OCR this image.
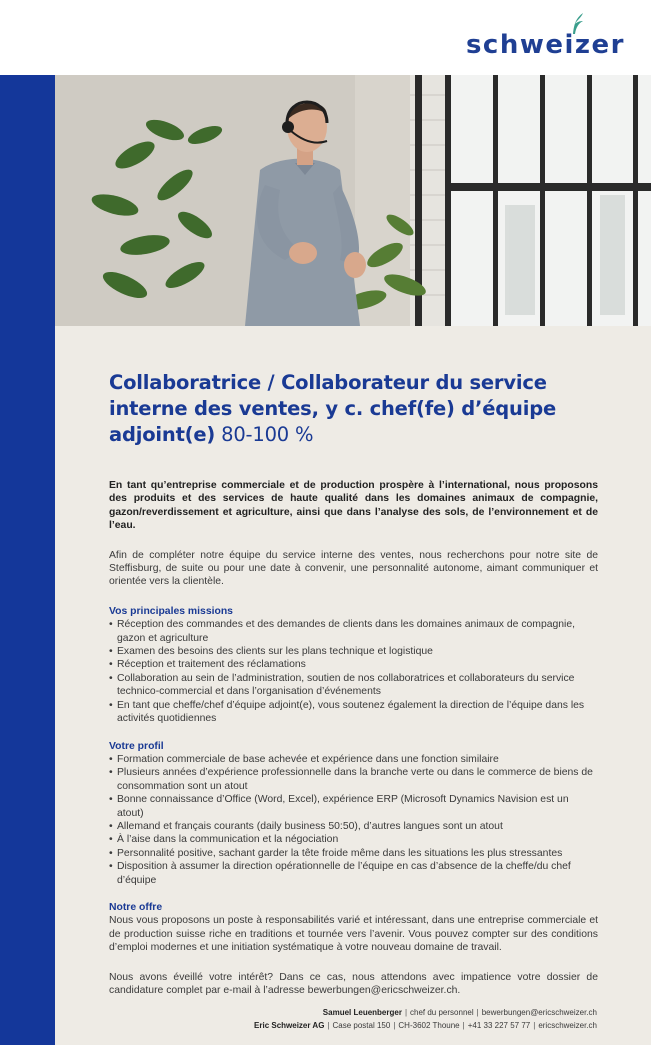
schweizer
Collaboratrice / Collaborateur du service
interne des ventes, y c. chef(fe) d’équipe
adjoint(e) 80-100 %

En tant qu’entreprise commerciale et de production prospère à l’international, nous proposons des produits et des services de haute qualité dans les domaines animaux de compagnie, gazon/reverdissement et agriculture, ainsi que dans l’analyse des sols, de l’environnement et de l’eau.

Afin de compléter notre équipe du service interne des ventes, nous recherchons pour notre site de Steffisburg, de suite ou pour une date à convenir, une personnalité autonome, aimant communiquer et orientée vers la clientèle.

Vos principales missions
• Réception des commandes et des demandes de clients dans les domaines animaux de compagnie, gazon et agriculture
• Examen des besoins des clients sur les plans technique et logistique
• Réception et traitement des réclamations
• Collaboration au sein de l’administration, soutien de nos collaboratrices et collaborateurs du service technico-commercial et dans l’organisation d’événements
• En tant que cheffe/chef d’équipe adjoint(e), vous soutenez également la direction de l’équipe dans les activités quotidiennes
Votre profil
• Formation commerciale de base achevée et expérience dans une fonction similaire
• Plusieurs années d’expérience professionnelle dans la branche verte ou dans le commerce de biens de consommation sont un atout
• Bonne connaissance d’Office (Word, Excel), expérience ERP (Microsoft Dynamics Navision est un atout)
• Allemand et français courants (daily business 50:50), d’autres langues sont un atout
• À l’aise dans la communication et la négociation
• Personnalité positive, sachant garder la tête froide même dans les situations les plus stressantes
• Disposition à assumer la direction opérationnelle de l’équipe en cas d’absence de la cheffe/du chef d’équipe
Notre offre

Nous vous proposons un poste à responsabilités varié et intéressant, dans une entreprise commerciale et de production suisse riche en traditions et tournée vers l’avenir. Vous pouvez compter sur des conditions d’emploi modernes et une initiation systématique à votre nouveau domaine de travail.

Nous avons éveillé votre intérêt? Dans ce cas, nous attendons avec impatience votre dossier de candidature complet par e-mail à l’adresse bewerbungen@ericschweizer.ch.

Samuel Leuenberger | chef du personnel | bewerbungen@ericschweizer.ch
Eric Schweizer AG | Case postal 150 | CH-3602 Thoune | +41 33 227 57 77 | ericschweizer.ch
